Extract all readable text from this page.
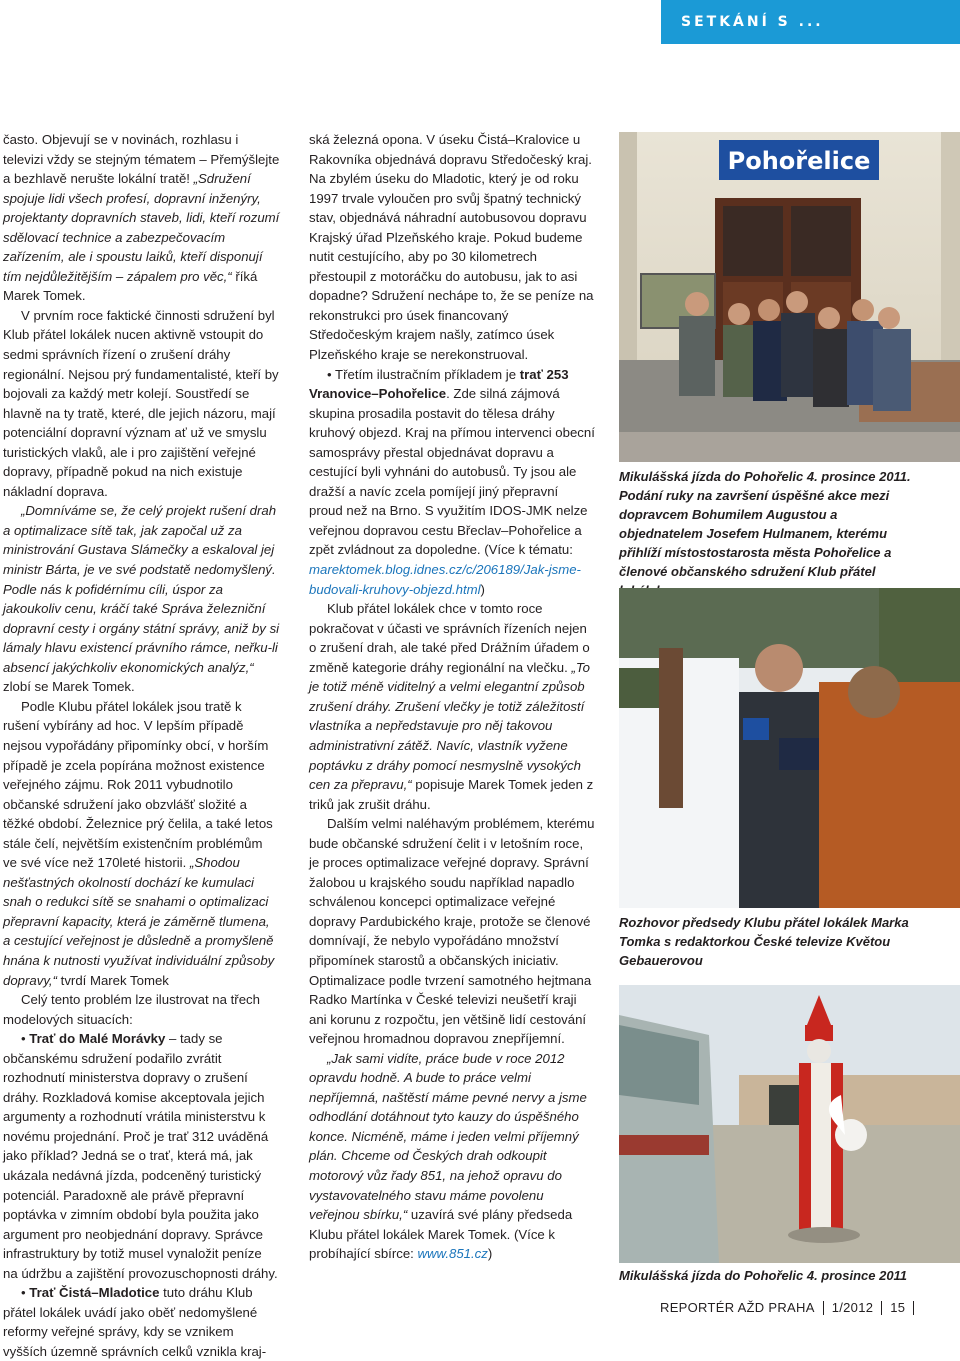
SETKÁNÍ S ...

často. Objevují se v novinách, rozhlasu i televizi vždy se stejným tématem – Přemýšlejte a bezhlavě nerušte lokální tratě! „Sdružení spojuje lidi všech profesí, dopravní inženýry, projektanty dopravních staveb, lidi, kteří rozumí sdělovací technice a zabezpečovacím zařízením, ale i spoustu laiků, kteří disponují tím nejdůležitějším – zápalem pro věc,“ říká Marek Tomek.

V prvním roce faktické činnosti sdružení byl Klub přátel lokálek nucen aktivně vstoupit do sedmi správních řízení o zrušení dráhy regionální. Nejsou prý fundamentalisté, kteří by bojovali za každý metr kolejí. Soustředí se hlavně na ty tratě, které, dle jejich názoru, mají potenciální dopravní význam ať už ve smyslu turistických vlaků, ale i pro zajištění veřejné dopravy, případně pokud na nich existuje nákladní doprava.

„Domníváme se, že celý projekt rušení drah a optimalizace sítě tak, jak započal už za ministrování Gustava Slámečky a eskaloval jej ministr Bárta, je ve své podstatě nedomyšlený. Podle nás k pofidérnímu cíli, úspor za jakoukoliv cenu, kráčí také Správa železniční dopravní cesty i orgány státní správy, aniž by si lámaly hlavu existencí právního rámce, neřku-li absencí jakýchkoliv ekonomických analýz,“ zlobí se Marek Tomek.

Podle Klubu přátel lokálek jsou tratě k rušení vybírány ad hoc. V lepším případě nejsou vypořádány připomínky obcí, v horším případě je zcela popírána možnost existence veřejného zájmu. Rok 2011 vybudnotilo občanské sdružení jako obzvlášť složité a těžké období. Železnice prý čelila, a také letos stále čelí, největším existenčním problémům ve své více než 170leté historii. „Shodou nešťastných okolností dochází ke kumulaci snah o redukci sítě se snahami o optimalizaci přepravní kapacity, která je záměrně tlumena, a cestující veřejnost je důsledně a promyšleně hnána k nutnosti využívat individuální způsoby dopravy,“ tvrdí Marek Tomek

Celý tento problém lze ilustrovat na třech modelových situacích:

• Trať do Malé Morávky – tady se občanskému sdružení podařilo zvrátit rozhodnutí ministerstva dopravy o zrušení dráhy. Rozkladová komise akceptovala jejich argumenty a rozhodnutí vrátila ministerstvu k novému projednání. Proč je trať 312 uváděná jako příklad? Jedná se o trať, která má, jak ukázala nedávná jízda, podceněný turistický potenciál. Paradoxně ale právě přepravní poptávka v zimním období byla použita jako argument pro neobjednání dopravy. Správce infrastruktury by totiž musel vynaložit peníze na údržbu a zajištění provozuschopnosti dráhy.

• Trať Čistá–Mladotice tuto dráhu Klub přátel lokálek uvádí jako oběť nedomyšlené reformy veřejné správy, kdy se vznikem vyšších územně správních celků vznikla kraj-

ská železná opona. V úseku Čistá–Kralovice u Rakovníka objednává dopravu Středočeský kraj. Na zbylém úseku do Mladotic, který je od roku 1997 trvale vyloučen pro svůj špatný technický stav, objednává náhradní autobusovou dopravu Krajský úřad Plzeňského kraje. Pokud budeme nutit cestujícího, aby po 30 kilometrech přestoupil z motoráčku do autobusu, jak to asi dopadne? Sdružení nechápe to, že se peníze na rekonstrukci pro úsek financovaný Středočeským krajem našly, zatímco úsek Plzeňského kraje se nerekonstruoval.

• Třetím ilustračním příkladem je trať 253 Vranovice–Pohořelice. Zde silná zájmová skupina prosadila postavit do tělesa dráhy kruhový objezd. Kraj na přímou intervenci obecní samosprávy přestal objednávat dopravu a cestující byli vyhnáni do autobusů. Ty jsou ale dražší a navíc zcela pomíjejí jiný přepravní proud než na Brno. S využitím IDOS-JMK nelze veřejnou dopravou cestu Břeclav–Pohořelice a zpět zvládnout za dopoledne. (Více k tématu: marektomek.blog.idnes.cz/c/206189/Jak-jsme-budovali-kruhovy-objezd.html)

Klub přátel lokálek chce v tomto roce pokračovat v účasti ve správních řízeních nejen o zrušení drah, ale také před Drážním úřadem o změně kategorie dráhy regionální na vlečku. „To je totiž méně viditelný a velmi elegantní způsob zrušení dráhy. Zrušení vlečky je totiž záležitostí vlastníka a nepředstavuje pro něj takovou administrativní zátěž. Navíc, vlastník vyžene poptávku z dráhy pomocí nesmyslně vysokých cen za přepravu,“ popisuje Marek Tomek jeden z triků jak zrušit dráhu.

Dalším velmi naléhavým problémem, kterému bude občanské sdružení čelit i v letošním roce, je proces optimalizace veřejné dopravy. Správní žalobou u krajského soudu například napadlo schválenou koncepci optimalizace veřejné dopravy Pardubického kraje, protože se členové domnívají, že nebylo vypořádáno množství připomínek starostů a občanských iniciativ. Optimalizace podle tvrzení samotného hejtmana Radko Martínka v České televizi neušetří kraji ani korunu z rozpočtu, jen většině lidí cestování veřejnou hromadnou dopravou znepříjemní.

„Jak sami vidíte, práce bude v roce 2012 opravdu hodně. A bude to práce velmi nepříjemná, naštěstí máme pevné nervy a jsme odhodlání dotáhnout tyto kauzy do úspěšného konce. Nicméně, máme i jeden velmi příjemný plán. Chceme od Českých drah odkoupit motorový vůz řady 851, na jehož opravu do vystavovatelného stavu máme povolenu veřejnou sbírku,“ uzavírá své plány předseda Klubu přátel lokálek Marek Tomek. (Více k probíhající sbírce: www.851.cz)

Pohořelice
Mikulášská jízda do Pohořelic 4. prosince 2011. Podání ruky na završení úspěšné akce mezi dopravcem Bohumilem Augustou a objednatelem Josefem Hulmanem, kterému přihlíží místostostarosta města Pohořelice a členové občanského sdružení Klub přátel
Rozhovor předsedy Klubu přátel lokálek Marka Tomka s redaktorkou České televize Květou Gebauerovou
Mikulášská jízda do Pohořelic 4. prosince 2011
REPORTÉR AŽD PRAHA 1/2012 15
